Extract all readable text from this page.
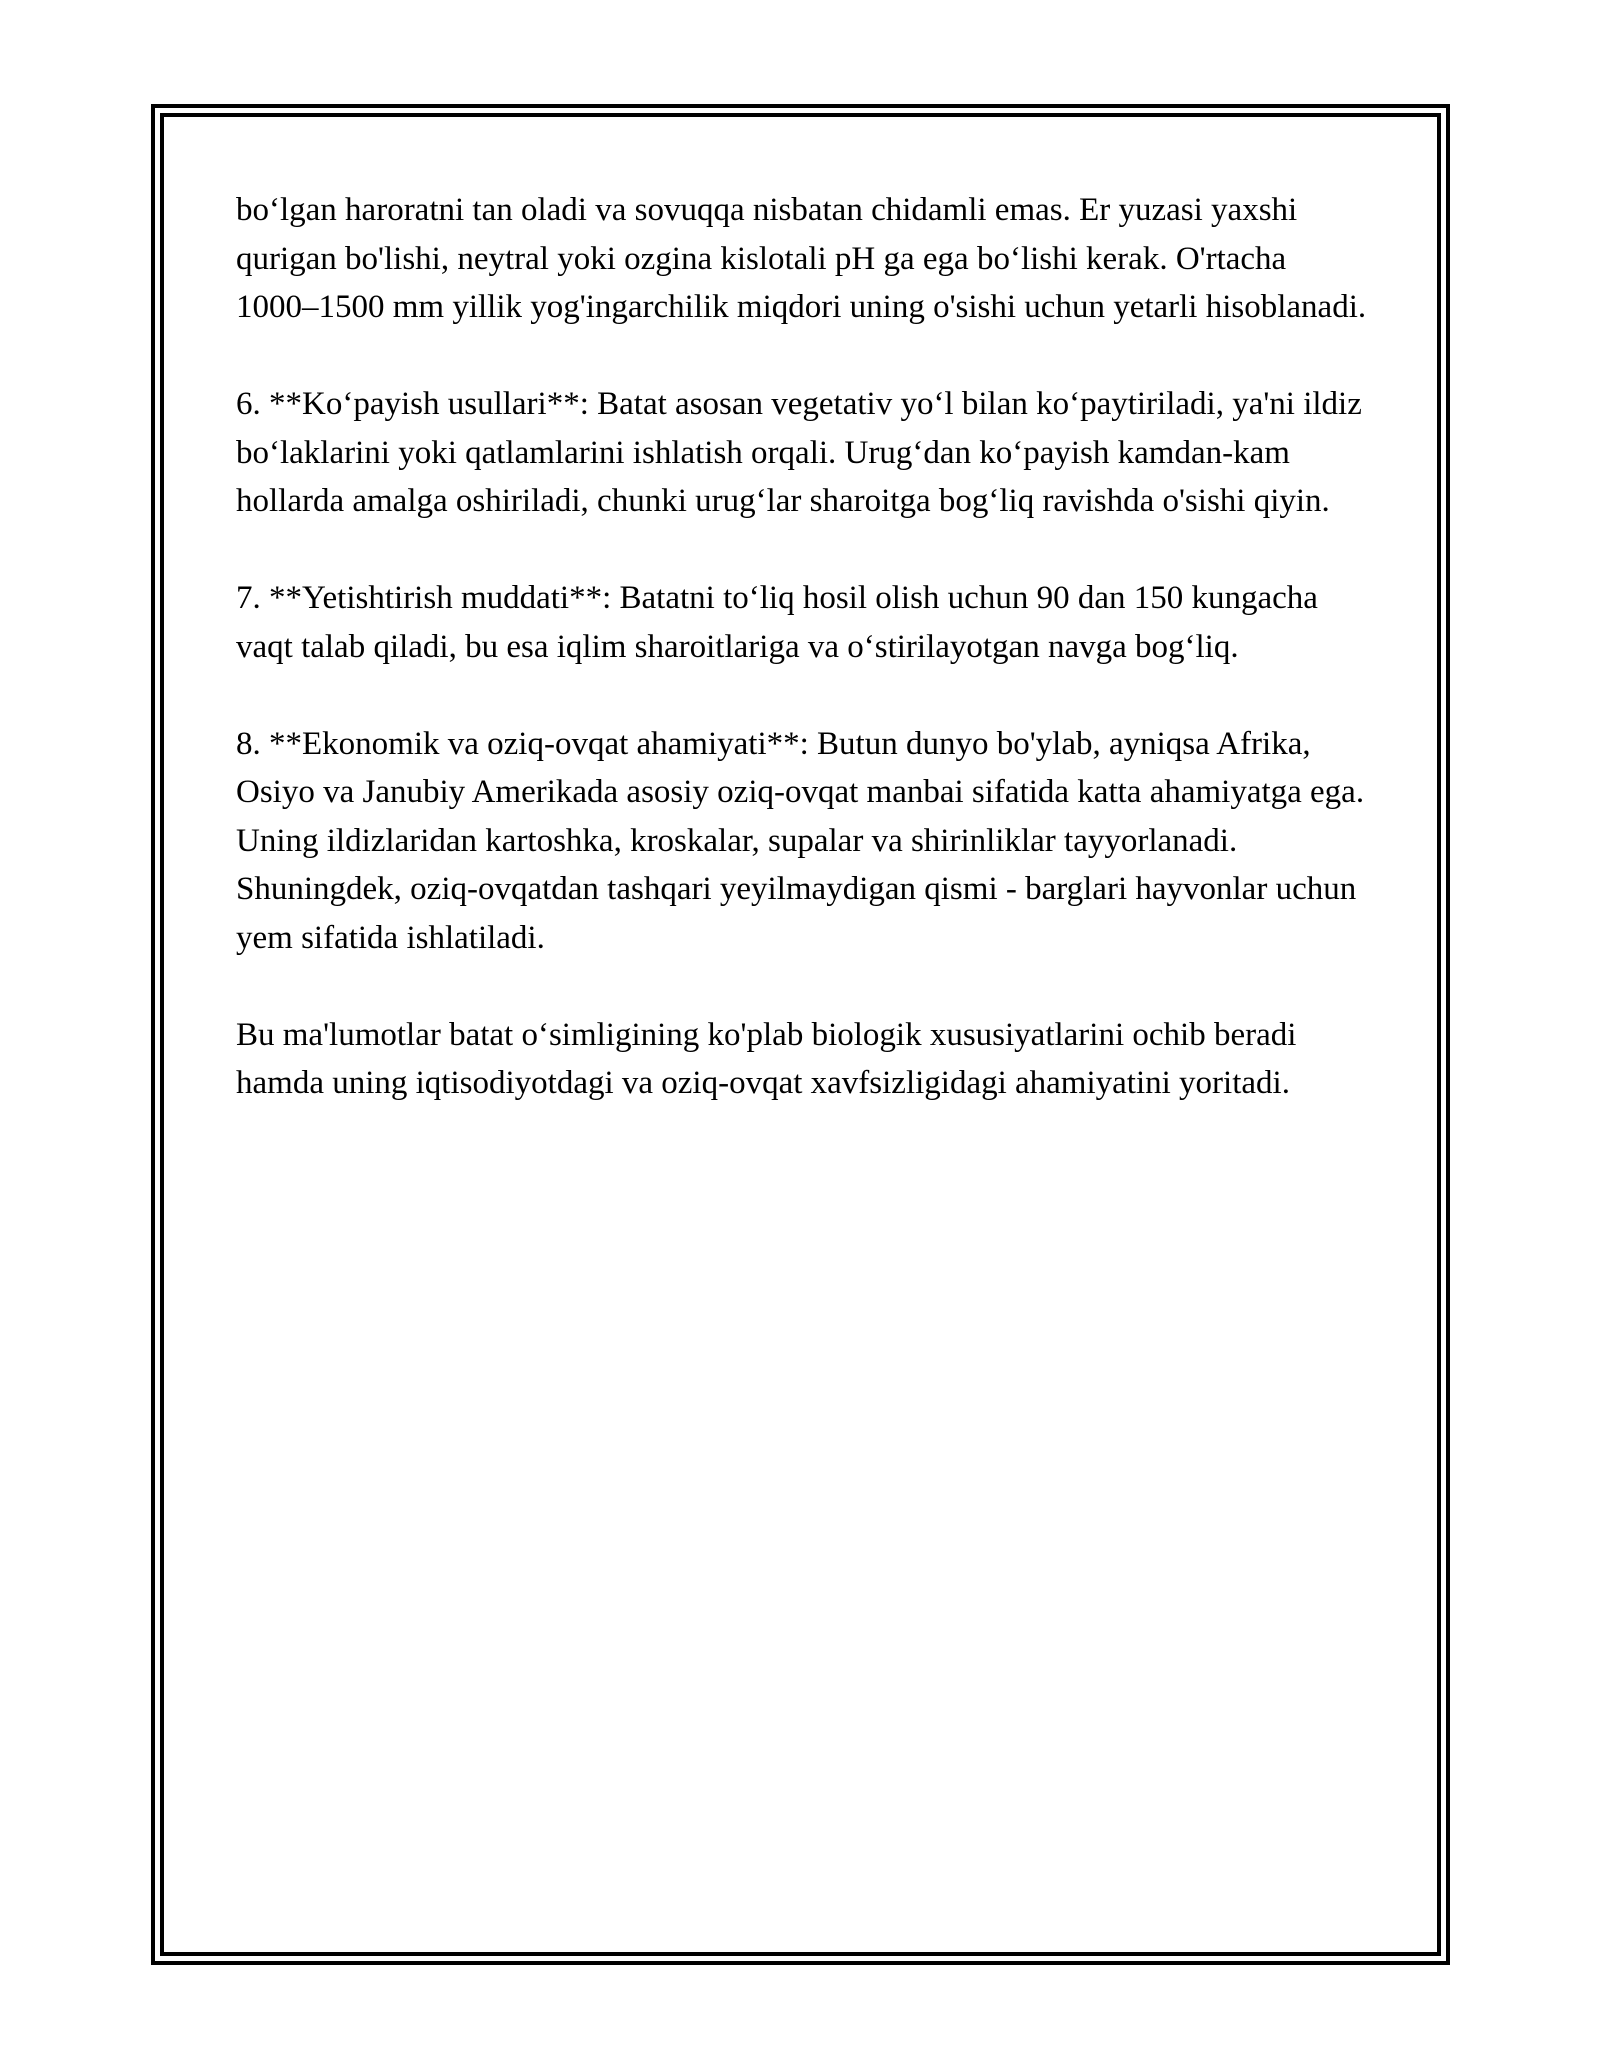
bo‘lgan haroratni tan oladi va sovuqqa nisbatan chidamli emas. Er yuzasi yaxshi qurigan bo'lishi, neytral yoki ozgina kislotali pH ga ega bo‘lishi kerak. O'rtacha 1000–1500 mm yillik yog'ingarchilik miqdori uning o'sishi uchun yetarli hisoblanadi.

6. **Ko‘payish usullari**: Batat asosan vegetativ yo‘l bilan ko‘paytiriladi, ya'ni ildiz bo‘laklarini yoki qatlamlarini ishlatish orqali. Urug‘dan ko‘payish kamdan-kam hollarda amalga oshiriladi, chunki urug‘lar sharoitga bog‘liq ravishda o'sishi qiyin.

7. **Yetishtirish muddati**: Batatni to‘liq hosil olish uchun 90 dan 150 kungacha vaqt talab qiladi, bu esa iqlim sharoitlariga va o‘stirilayotgan navga bog‘liq.

8. **Ekonomik va oziq-ovqat ahamiyati**: Butun dunyo bo'ylab, ayniqsa Afrika, Osiyo va Janubiy Amerikada asosiy oziq-ovqat manbai sifatida katta ahamiyatga ega. Uning ildizlaridan kartoshka, kroskalar, supalar va shirinliklar tayyorlanadi. Shuningdek, oziq-ovqatdan tashqari yeyilmaydigan qismi - barglari hayvonlar uchun yem sifatida ishlatiladi.

Bu ma'lumotlar batat o‘simligining ko'plab biologik xususiyatlarini ochib beradi hamda uning iqtisodiyotdagi va oziq-ovqat xavfsizligidagi ahamiyatini yoritadi.
